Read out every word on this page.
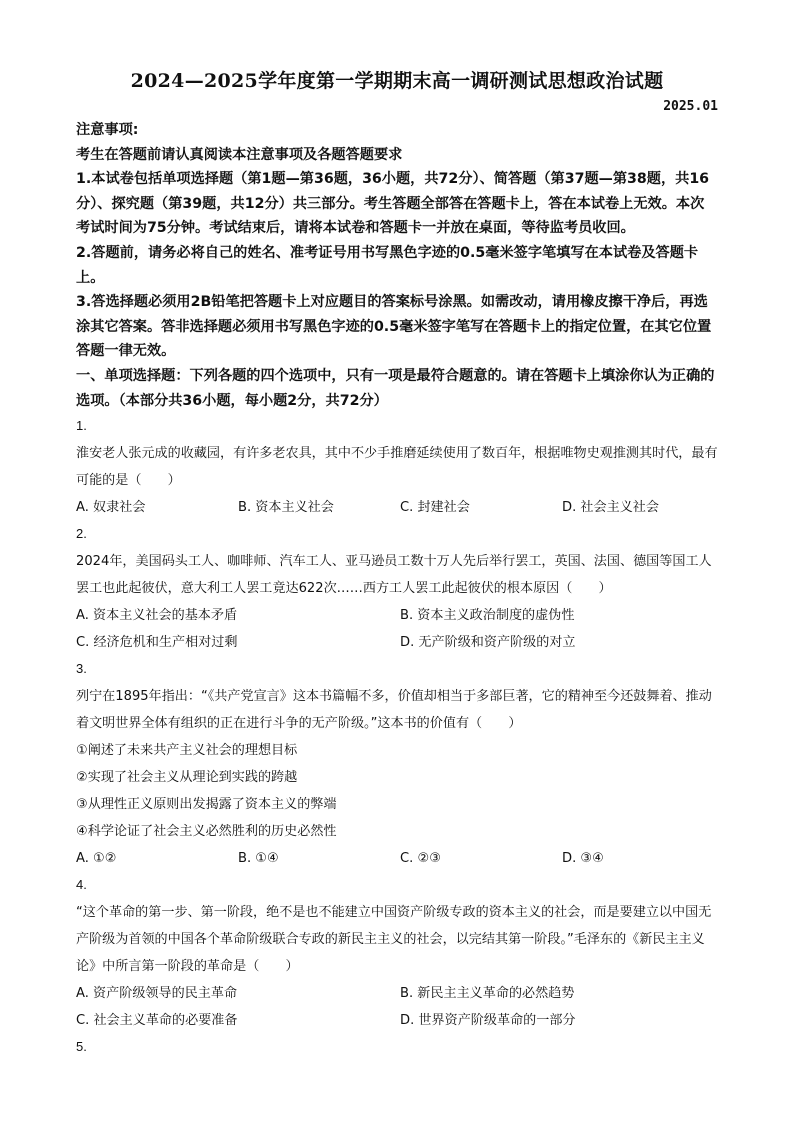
2024—2025学年度第一学期期末高一调研测试思想政治试题
2025.01

注意事项:

考生在答题前请认真阅读本注意事项及各题答题要求

1.本试卷包括单项选择题（第1题—第36题，36小题，共72分）、简答题（第37题—第38题，共16分）、探究题（第39题，共12分）共三部分。考生答题全部答在答题卡上，答在本试卷上无效。本次考试时间为75分钟。考试结束后，请将本试卷和答题卡一并放在桌面，等待监考员收回。

2.答题前，请务必将自己的姓名、准考证号用书写黑色字迹的0.5毫米签字笔填写在本试卷及答题卡上。

3.答选择题必须用2B铅笔把答题卡上对应题目的答案标号涂黑。如需改动，请用橡皮擦干净后，再选涂其它答案。答非选择题必须用书写黑色字迹的0.5毫米签字笔写在答题卡上的指定位置，在其它位置答题一律无效。

一、单项选择题：下列各题的四个选项中，只有一项是最符合题意的。请在答题卡上填涂你认为正确的选项。（本部分共36小题，每小题2分，共72分）

1.

淮安老人张元成的收藏园，有许多老农具，其中不少手推磨延续使用了数百年，根据唯物史观推测其时代，最有可能的是（　　）

A. 奴隶社会	B. 资本主义社会	C. 封建社会	D. 社会主义社会
2.

2024年，美国码头工人、咖啡师、汽车工人、亚马逊员工数十万人先后举行罢工，英国、法国、德国等国工人罢工也此起彼伏，意大利工人罢工竟达622次……西方工人罢工此起彼伏的根本原因（　　）

A. 资本主义社会的基本矛盾	B. 资本主义政治制度的虚伪性
C. 经济危机和生产相对过剩	D. 无产阶级和资产阶级的对立
3.

列宁在1895年指出：“《共产党宣言》这本书篇幅不多，价值却相当于多部巨著，它的精神至今还鼓舞着、推动着文明世界全体有组织的正在进行斗争的无产阶级。”这本书的价值有（　　）

①阐述了未来共产主义社会的理想目标

②实现了社会主义从理论到实践的跨越

③从理性正义原则出发揭露了资本主义的弊端

④科学论证了社会主义必然胜利的历史必然性

A. ①②	B. ①④	C. ②③	D. ③④
4.

“这个革命的第一步、第一阶段，绝不是也不能建立中国资产阶级专政的资本主义的社会，而是要建立以中国无产阶级为首领的中国各个革命阶级联合专政的新民主主义的社会，以完结其第一阶段。”毛泽东的《新民主主义论》中所言第一阶段的革命是（　　）

A. 资产阶级领导的民主革命	B. 新民主主义革命的必然趋势
C. 社会主义革命的必要准备	D. 世界资产阶级革命的一部分
5.
